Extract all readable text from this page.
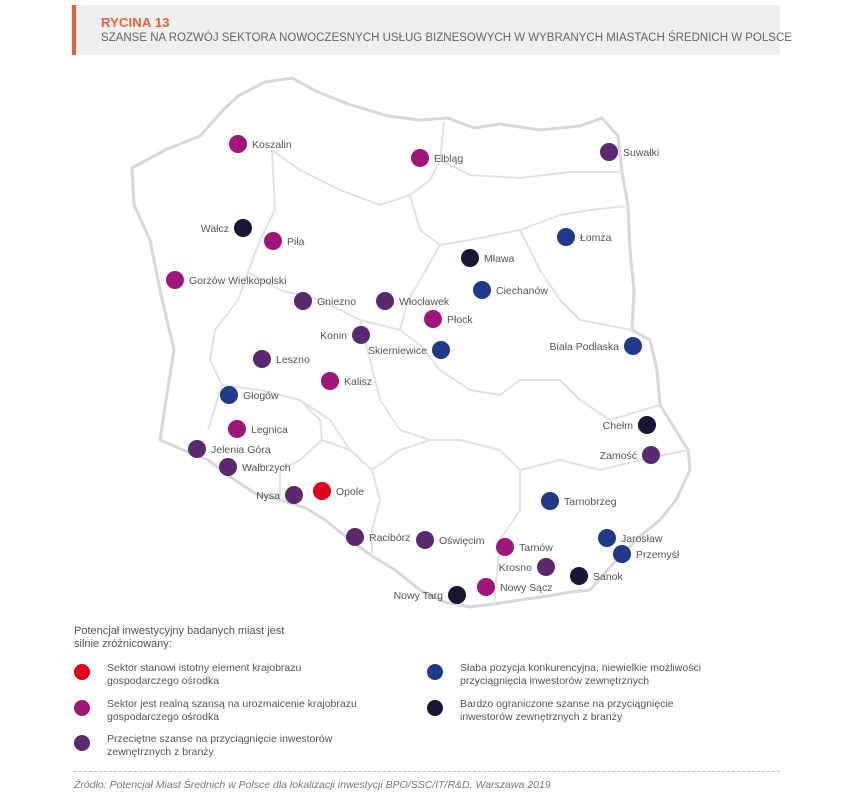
RYCINA 13
SZANSE NA ROZWÓJ SEKTORA NOWOCZESNYCH USŁUG BIZNESOWYCH W WYBRANYCH MIASTACH ŚREDNICH W POLSCE
Koszalin
Elbląg	Suwałki
Wałcz
Piła	Łomża
Mława
Gorzów Wielkopolski
Ciechanów
Gniezno	Włocławek
Płock
Konin
Skierniewice	Biała Podlaska
Leszno
Kalisz
Głogów
Chełm
Legnica
Jelenia Góra	Zamość
Wałbrzych
Nysa	Opole
Tarnobrzeg
Racibórz	Oświęcim
Tarnów
Jarosław
Przemyśl
Krosno
Sanok
Nowy Sącz
Nowy Targ
Potencjał inwestycyjny badanych miast jest silnie zróżnicowany:
Sektor stanowi istotny element krajobrazu gospodarczego ośrodka
Sektor jest realną szansą na urozmaicenie krajobrazu gospodarczego ośrodka
Przeciętne szanse na przyciągnięcie inwestorów zewnętrznych z branży
Słaba pozycja konkurencyjna, niewielkie możliwości przyciągnięcia inwestorów zewnętrznych
Bardzo ograniczone szanse na przyciągnięcie inwestorów zewnętrznych z branży
Źródło: Potencjał Miast Średnich w Polsce dla lokalizacji inwestycji BPO/SSC/IT/R&D, Warszawa 2019
